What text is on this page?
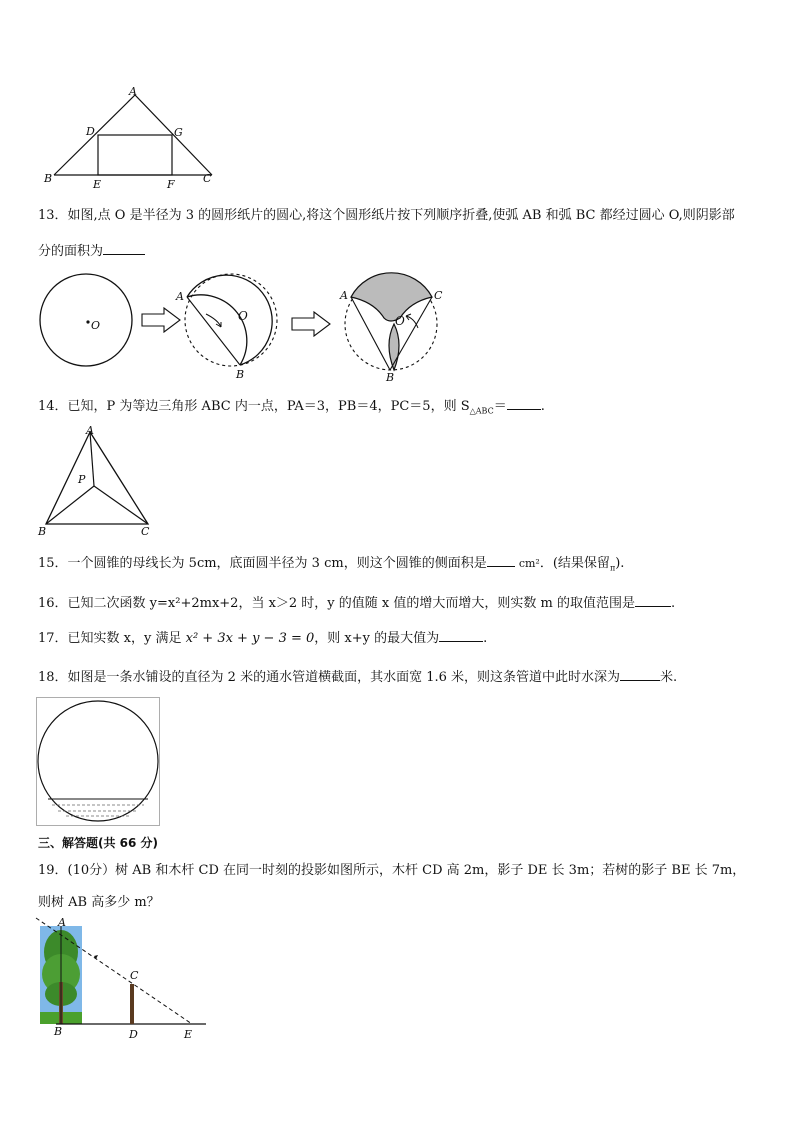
A
D	G
B	E	F	C
13．如图,点 O 是半径为 3 的圆形纸片的圆心,将这个圆形纸片按下列顺序折叠,使弧 AB 和弧 BC 都经过圆心 O,则阴影部
分的面积为
O
A
O
B
A	C
O
B
14．已知，P 为等边三角形 ABC 内一点，PA＝3，PB＝4，PC＝5，则 $S_{\triangle ABC}=$	.
A
P
B	C
15．一个圆锥的母线长为 5cm，底面圆半径为 3 cm，则这个圆锥的侧面积是	cm²．(结果保留$_\pi$).
16．已知二次函数 y=x²+2mx+2，当 x＞2 时，y 的值随 x 值的增大而增大，则实数 m 的取值范围是	.
17．已知实数 x，y 满足 x² + 3x + y − 3 = 0，则 x+y 的最大值为	.
18．如图是一条水铺设的直径为 2 米的通水管道横截面，其水面宽 1.6 米，则这条管道中此时水深为	米.
三、解答题(共 66 分)
19．(10分）树 AB 和木杆 CD 在同一时刻的投影如图所示，木杆 CD 高 2m，影子 DE 长 3m；若树的影子 BE 长 7m，
则树 AB 高多少 m？
A
C
B	D	E
